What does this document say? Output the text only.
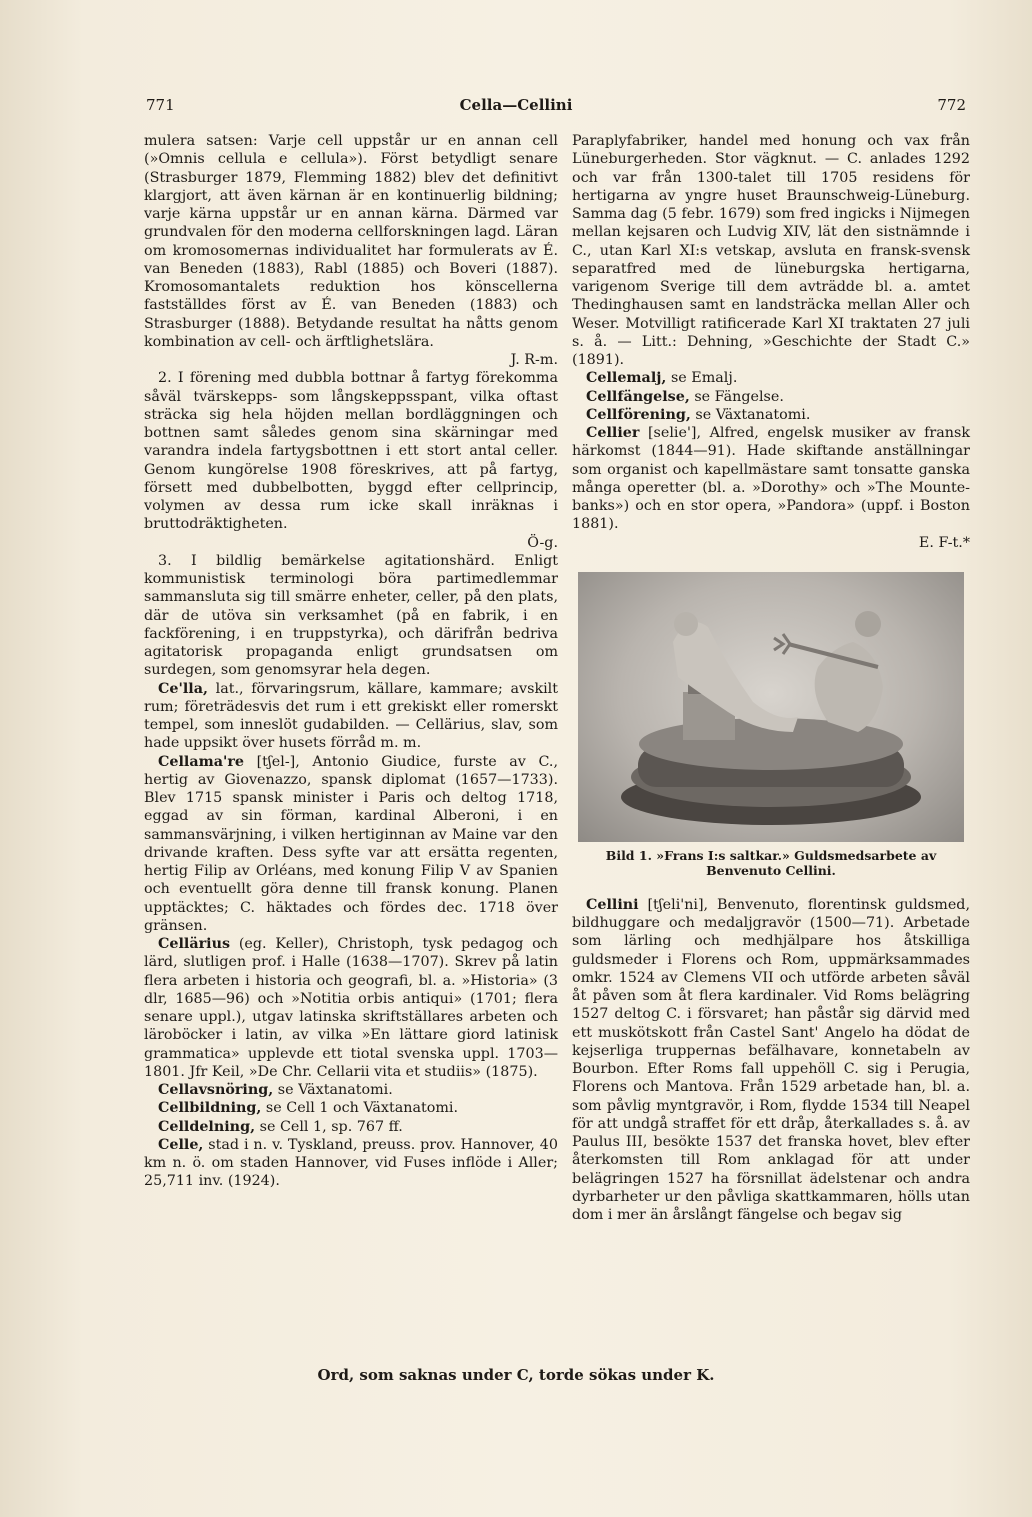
771	Cella—Cellini	772

mulera satsen: Varje cell uppstår ur en annan cell (»Omnis cellula e cellula»). Först betydligt senare (Strasburger 1879, Flemming 1882) blev det definitivt klargjort, att även kärnan är en kontinuerlig bildning; varje kärna uppstår ur en annan kärna. Därmed var grundvalen för den moderna cellforskningen lagd. Läran om kromosomernas individualitet har formulerats av É. van Beneden (1883), Rabl (1885) och Boveri (1887). Kromosomantalets reduktion hos könscellerna fastställdes först av É. van Beneden (1883) och Strasburger (1888). Betydande resultat ha nåtts genom kombination av cell- och ärftlighetslära.
J. R-m.

2. I förening med dubbla bottnar å fartyg förekomma såväl tvärskepps- som långskeppsspant, vilka oftast sträcka sig hela höjden mellan bordläggningen och bottnen samt således genom sina skärningar med varandra indela fartygsbottnen i ett stort antal celler. Genom kungörelse 1908 föreskrives, att på fartyg, försett med dubbelbotten, byggd efter cellprincip, volymen av dessa rum icke skall inräknas i bruttodräktigheten.
Ö-g.

3. I bildlig bemärkelse agitationshärd. Enligt kommunistisk terminologi böra partimedlemmar sammansluta sig till smärre enheter, celler, på den plats, där de utöva sin verksamhet (på en fabrik, i en fackförening, i en truppstyrka), och därifrån bedriva agitatorisk propaganda enligt grundsatsen om surdegen, som genomsyrar hela degen.

Ce'lla, lat., förvaringsrum, källare, kammare; avskilt rum; företrädesvis det rum i ett grekiskt eller romerskt tempel, som inneslöt gudabilden. — Cellärius, slav, som hade uppsikt över husets förråd m. m.

Cellama're [tʃel-], Antonio Giudice, furste av C., hertig av Giovenazzo, spansk diplomat (1657—1733). Blev 1715 spansk minister i Paris och deltog 1718, eggad av sin förman, kardinal Alberoni, i en sammansvärjning, i vilken hertiginnan av Maine var den drivande kraften. Dess syfte var att ersätta regenten, hertig Filip av Orléans, med konung Filip V av Spanien och eventuellt göra denne till fransk konung. Planen upptäcktes; C. häktades och fördes dec. 1718 över gränsen.

Cellärius (eg. Keller), Christoph, tysk pedagog och lärd, slutligen prof. i Halle (1638—1707). Skrev på latin flera arbeten i historia och geografi, bl. a. »Historia» (3 dlr, 1685—96) och »Notitia orbis antiqui» (1701; flera senare uppl.), utgav latinska skriftställares arbeten och läroböcker i latin, av vilka »En lättare giord latinisk grammatica» upplevde ett tiotal svenska uppl. 1703—1801. Jfr Keil, »De Chr. Cellarii vita et studiis» (1875).

Cellavsnöring, se Växtanatomi.

Cellbildning, se Cell 1 och Växtanatomi.

Celldelning, se Cell 1, sp. 767 ff.

Celle, stad i n. v. Tyskland, preuss. prov. Hannover, 40 km n. ö. om staden Hannover, vid Fuses inflöde i Aller; 25,711 inv. (1924).

Paraplyfabriker, handel med honung och vax från Lüneburgerheden. Stor vägknut. — C. anlades 1292 och var från 1300-talet till 1705 residens för hertigarna av yngre huset Braunschweig-Lüneburg. Samma dag (5 febr. 1679) som fred ingicks i Nijmegen mellan kejsaren och Ludvig XIV, lät den sistnämnde i C., utan Karl XI:s vetskap, avsluta en fransk-svensk separatfred med de lüneburgska hertigarna, varigenom Sverige till dem avträdde bl. a. amtet Thedinghausen samt en landsträcka mellan Aller och Weser. Motvilligt ratificerade Karl XI traktaten 27 juli s. å. — Litt.: Dehning, »Geschichte der Stadt C.» (1891).

Cellemalj, se Emalj.

Cellfängelse, se Fängelse.

Cellförening, se Växtanatomi.

Cellier [selie'], Alfred, engelsk musiker av fransk härkomst (1844—91). Hade skiftande anställningar som organist och kapellmästare samt tonsatte ganska många operetter (bl. a. »Dorothy» och »The Mounte-banks») och en stor opera, »Pandora» (uppf. i Boston 1881).
E. F-t.*

Bild 1. »Frans I:s saltkar.» Guldsmedsarbete av
Benvenuto Cellini.

Cellini [tʃeli'ni], Benvenuto, florentinsk guldsmed, bildhuggare och medaljgravör (1500—71). Arbetade som lärling och medhjälpare hos åtskilliga guldsmeder i Florens och Rom, uppmärksammades omkr. 1524 av Clemens VII och utförde arbeten såväl åt påven som åt flera kardinaler. Vid Roms belägring 1527 deltog C. i försvaret; han påstår sig därvid med ett muskötskott från Castel Sant' Angelo ha dödat de kejserliga truppernas befälhavare, konnetabeln av Bourbon. Efter Roms fall uppehöll C. sig i Perugia, Florens och Mantova. Från 1529 arbetade han, bl. a. som påvlig myntgravör, i Rom, flydde 1534 till Neapel för att undgå straffet för ett dråp, återkallades s. å. av Paulus III, besökte 1537 det franska hovet, blev efter återkomsten till Rom anklagad för att under belägringen 1527 ha försnillat ädelstenar och andra dyrbarheter ur den påvliga skattkammaren, hölls utan dom i mer än årslångt fängelse och begav sig

Ord, som saknas under C, torde sökas under K.
